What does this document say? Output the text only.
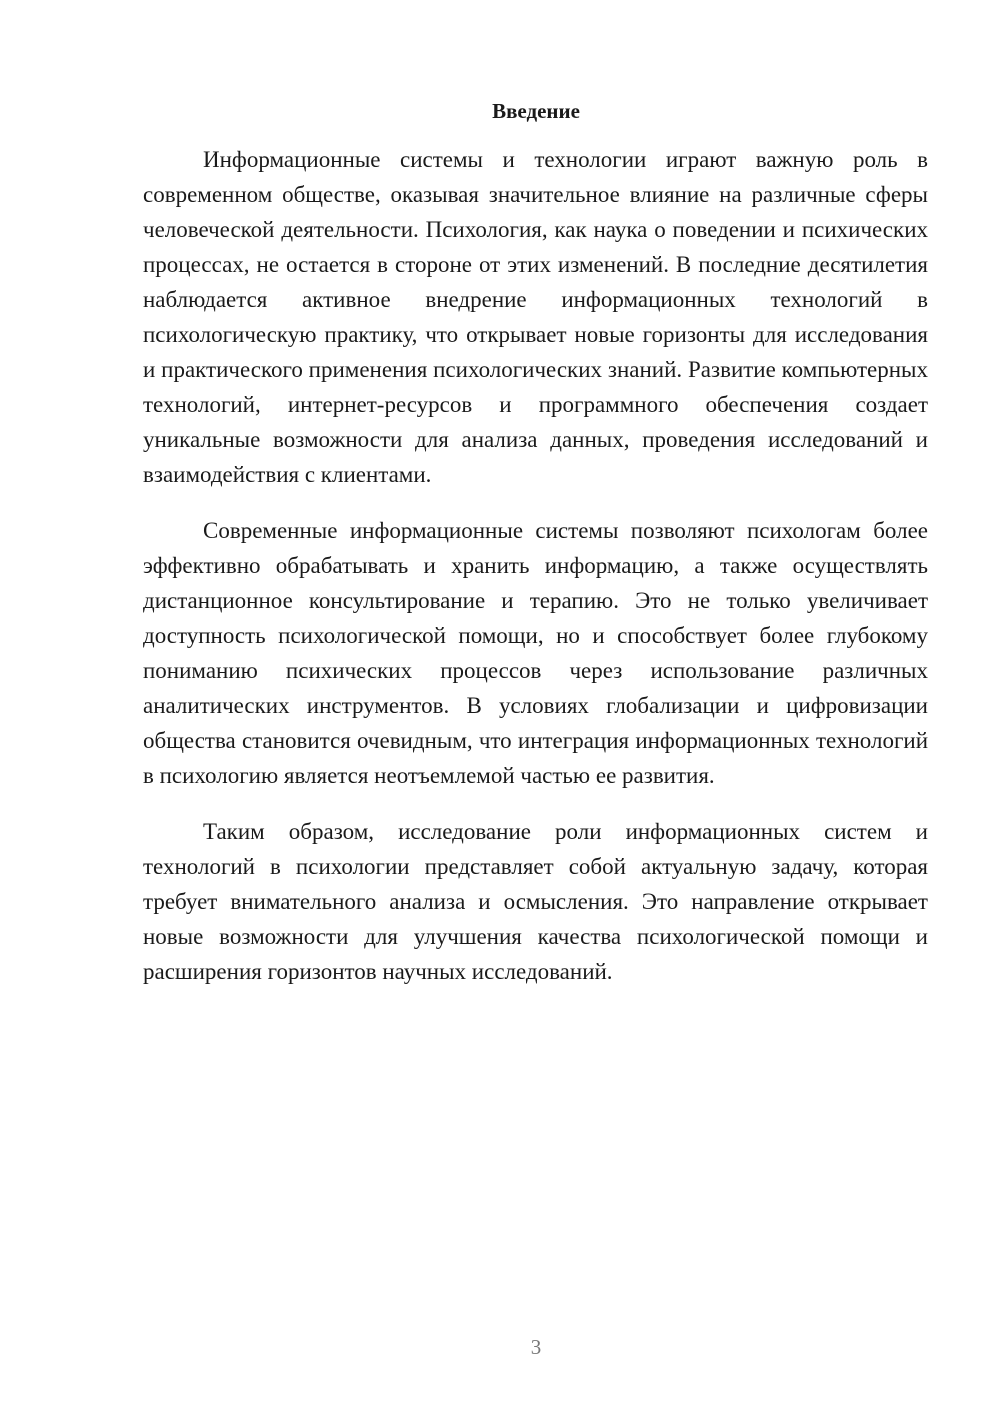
Введение

Информационные системы и технологии играют важную роль в современном обществе, оказывая значительное влияние на различные сферы человеческой деятельности. Психология, как наука о поведении и психических процессах, не остается в стороне от этих изменений. В последние десятилетия наблюдается активное внедрение информационных технологий в психологическую практику, что открывает новые горизонты для исследования и практического применения психологических знаний. Развитие компьютерных технологий, интернет-ресурсов и программного обеспечения создает уникальные возможности для анализа данных, проведения исследований и взаимодействия с клиентами.

Современные информационные системы позволяют психологам более эффективно обрабатывать и хранить информацию, а также осуществлять дистанционное консультирование и терапию. Это не только увеличивает доступность психологической помощи, но и способствует более глубокому пониманию психических процессов через использование различных аналитических инструментов. В условиях глобализации и цифровизации общества становится очевидным, что интеграция информационных технологий в психологию является неотъемлемой частью ее развития.

Таким образом, исследование роли информационных систем и технологий в психологии представляет собой актуальную задачу, которая требует внимательного анализа и осмысления. Это направление открывает новые возможности для улучшения качества психологической помощи и расширения горизонтов научных исследований.

3
